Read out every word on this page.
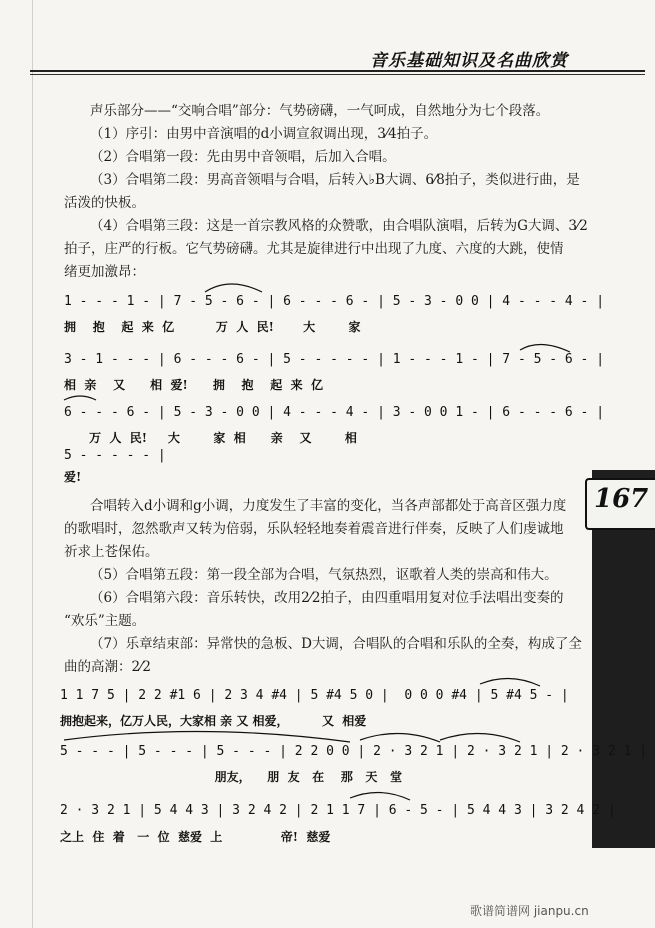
音乐基础知识及名曲欣赏
167
声乐部分——“交响合唱”部分：气势磅礴，一气呵成，自然地分为七个段落。
（1）序引：由男中音演唱的d小调宣叙调出现，3⁄4拍子。
（2）合唱第一段：先由男中音领唱，后加入合唱。
（3）合唱第二段：男高音领唱与合唱，后转入♭B大调、6⁄8拍子，类似进行曲，是
活泼的快板。
（4）合唱第三段：这是一首宗教风格的众赞歌，由合唱队演唱，后转为G大调、3⁄2
拍子，庄严的行板。它气势磅礴。尤其是旋律进行中出现了九度、六度的大跳，使情
绪更加激昂：
1 - - - 1 - | 7 - 5 - 6 - | 6 - - - 6 - | 5 - 3 - 0 0 | 4 - - - 4 - |
拥    抱    起  来  亿          万  人  民!       大        家
3 - 1 - - - | 6 - - - 6 - | 5 - - - - - | 1 - - - 1 - | 7 - 5 - 6 - |
相  亲    又      相  爱!      拥    抱    起  来  亿
6 - - - 6 - | 5 - 3 - 0 0 | 4 - - - 4 - | 3 - 0 0 1 - | 6 - - - 6 - |
万  人  民!     大        家  相      亲    又        相
5 - - - - - |
爱!
合唱转入d小调和g小调，力度发生了丰富的变化，当各声部都处于高音区强力度
的歌唱时，忽然歌声又转为倍弱，乐队轻轻地奏着震音进行伴奏，反映了人们虔诚地
祈求上苍保佑。
（5）合唱第五段：第一段全部为合唱，气氛热烈，讴歌着人类的崇高和伟大。
（6）合唱第六段：音乐转快，改用2⁄2拍子，由四重唱用复对位手法唱出变奏的
“欢乐”主题。
（7）乐章结束部：异常快的急板、D大调，合唱队的合唱和乐队的全奏，构成了全
曲的高潮：2⁄2
1 1 7 5 | 2 2 #1 6 | 2 3 4 #4 | 5 #4 5 0 |  0 0 0 #4 | 5 #4 5 - |
拥抱起来，亿万人民，大家相 亲 又 相爱，        又  相爱
5 - - - | 5 - - - | 5 - - - | 2 2 0 0 | 2 · 3 2 1 | 2 · 3 2 1 | 2 · 3 2 1 |
朋友，    朋  友   在    那   天   堂
2 · 3 2 1 | 5 4 4 3 | 3 2 4 2 | 2 1 1 7 | 6 - 5 - | 5 4 4 3 | 3 2 4 2 |
之上  住  着   一  位  慈爱  上              帝!  慈爱
歌谱简谱网 jianpu.cn
